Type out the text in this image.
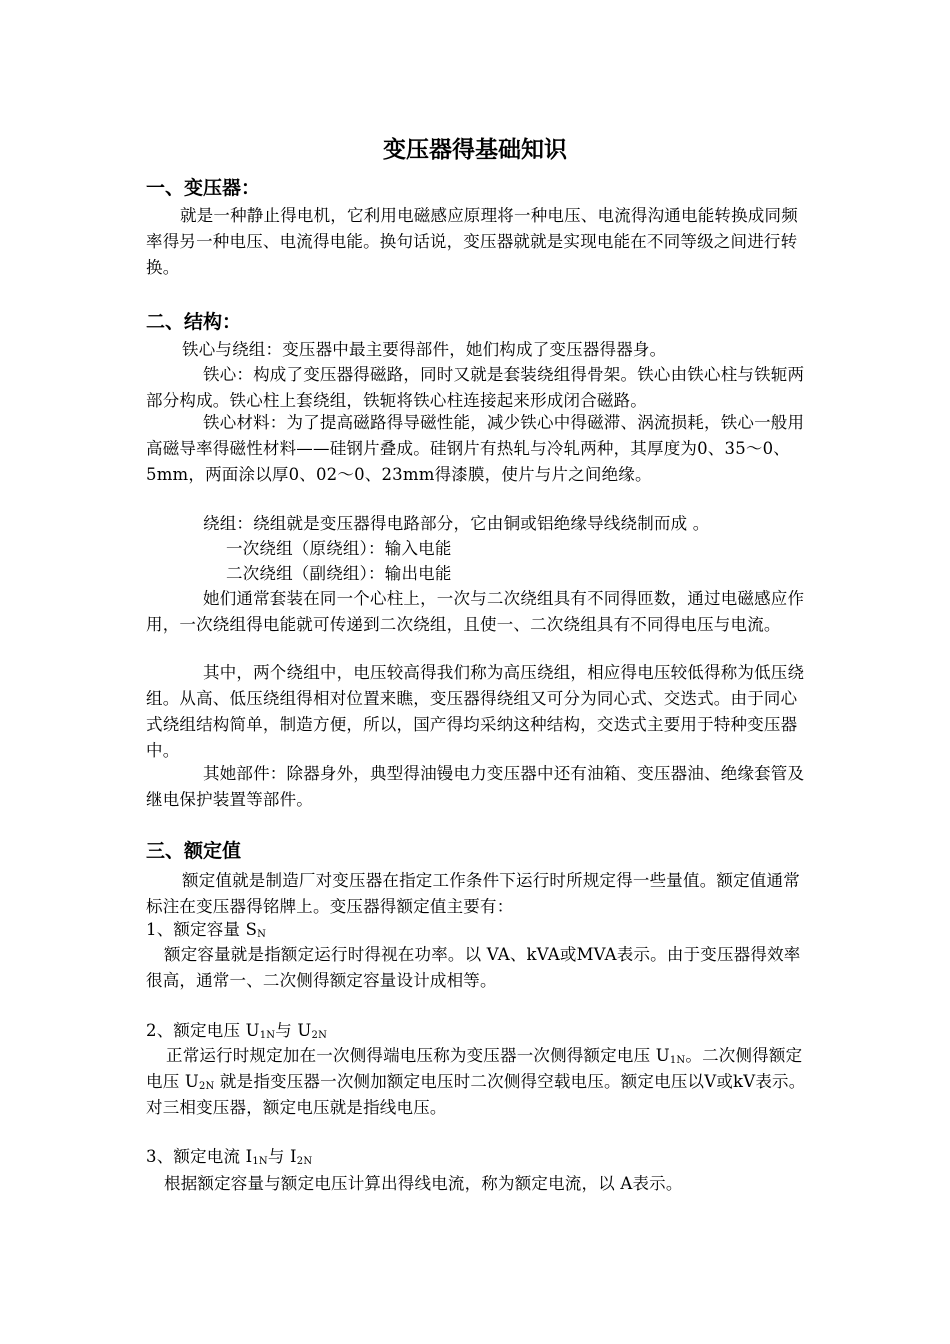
变压器得基础知识
一、变压器：

就是一种静止得电机，它利用电磁感应原理将一种电压、电流得沟通电能转换成同频率得另一种电压、电流得电能。换句话说，变压器就就是实现电能在不同等级之间进行转换。

二、结构：

铁心与绕组：变压器中最主要得部件，她们构成了变压器得器身。

铁心：构成了变压器得磁路，同时又就是套装绕组得骨架。铁心由铁心柱与铁轭两部分构成。铁心柱上套绕组，铁轭将铁心柱连接起来形成闭合磁路。

铁心材料：为了提高磁路得导磁性能，减少铁心中得磁滞、涡流损耗，铁心一般用高磁导率得磁性材料——硅钢片叠成。硅钢片有热轧与冷轧两种，其厚度为0、35～0、5mm，两面涂以厚0、02～0、23mm得漆膜，使片与片之间绝缘。

绕组：绕组就是变压器得电路部分，它由铜或铝绝缘导线绕制而成 。

一次绕组（原绕组）：输入电能

二次绕组（副绕组）：输出电能

她们通常套装在同一个心柱上，一次与二次绕组具有不同得匝数，通过电磁感应作用，一次绕组得电能就可传递到二次绕组，且使一、二次绕组具有不同得电压与电流。

其中，两个绕组中，电压较高得我们称为高压绕组，相应得电压较低得称为低压绕组。从高、低压绕组得相对位置来瞧，变压器得绕组又可分为同心式、交迭式。由于同心式绕组结构简单，制造方便，所以，国产得均采纳这种结构，交迭式主要用于特种变压器中。

其她部件：除器身外，典型得油镘电力变压器中还有油箱、变压器油、绝缘套管及继电保护装置等部件。

三、额定值

额定值就是制造厂对变压器在指定工作条件下运行时所规定得一些量值。额定值通常标注在变压器得铭牌上。变压器得额定值主要有：

1、额定容量 $S_N$

额定容量就是指额定运行时得视在功率。以 VA、kVA或MVA表示。由于变压器得效率很高，通常一、二次侧得额定容量设计成相等。

2、额定电压 $U_{1N}$与 $U_{2N}$

正常运行时规定加在一次侧得端电压称为变压器一次侧得额定电压 $U_{1N}$。二次侧得额定电压 $U_{2N}$ 就是指变压器一次侧加额定电压时二次侧得空载电压。额定电压以V或kV表示。对三相变压器，额定电压就是指线电压。

3、额定电流 $I_{1N}$与 $I_{2N}$

根据额定容量与额定电压计算出得线电流，称为额定电流，以 A表示。
